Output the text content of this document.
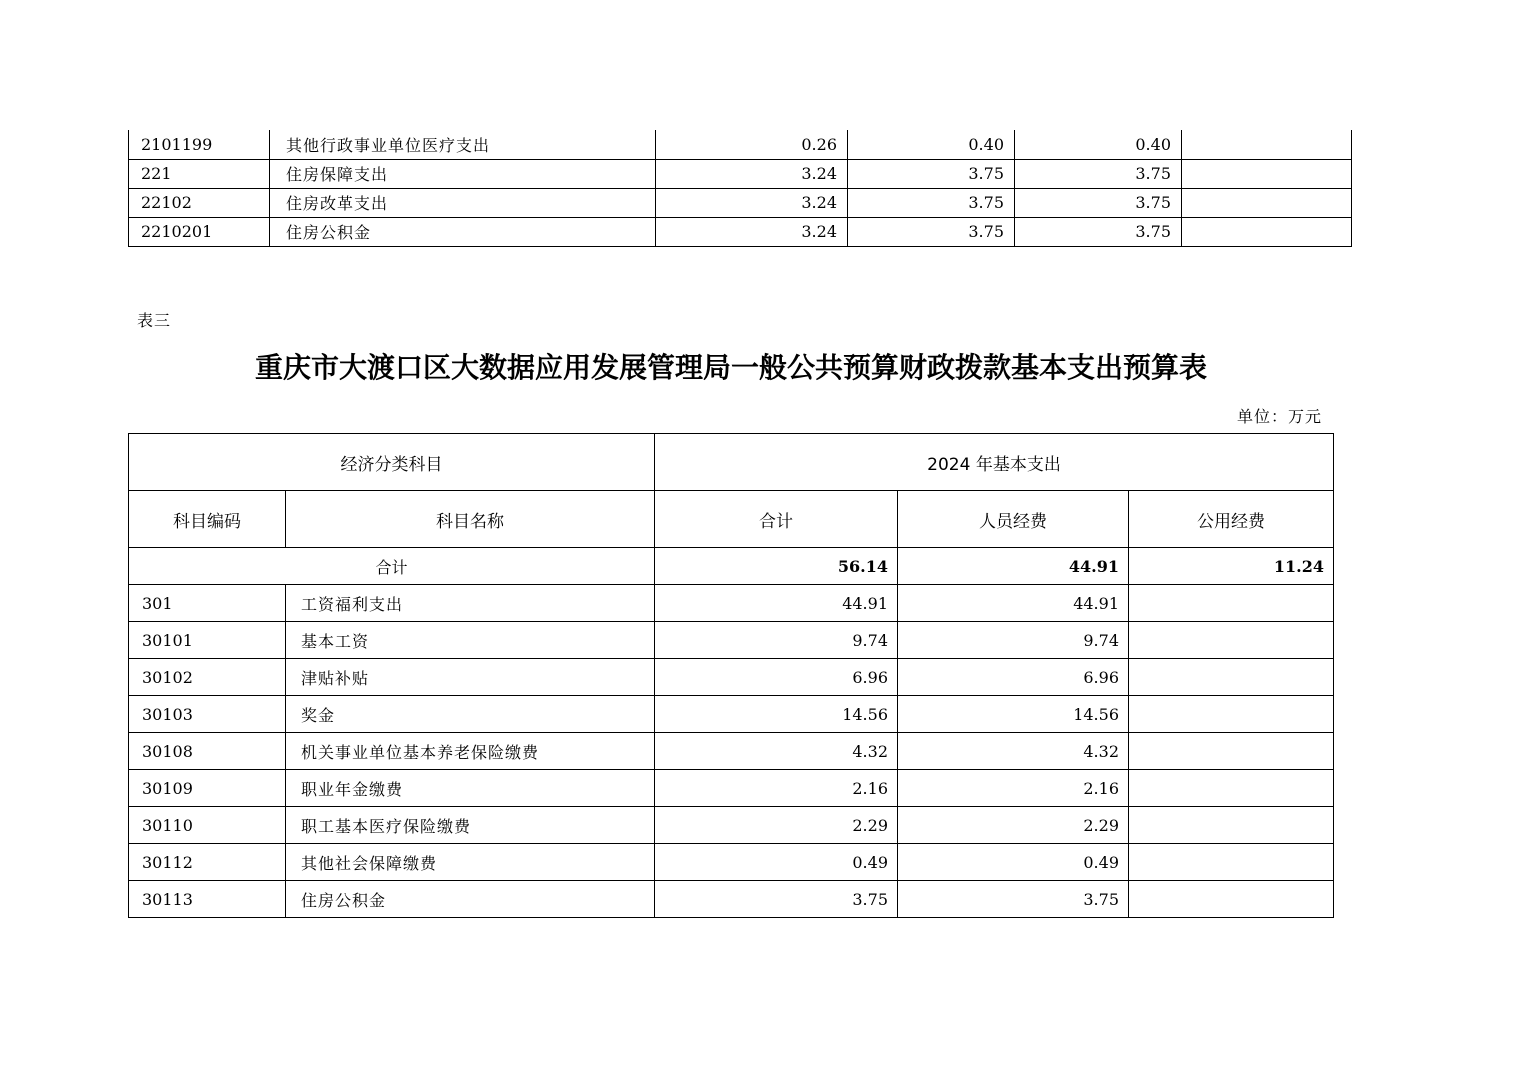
2101199	其他行政事业单位医疗支出	0.26	0.40	0.40	
221	住房保障支出	3.24	3.75	3.75	
22102	住房改革支出	3.24	3.75	3.75	
2210201	住房公积金	3.24	3.75	3.75	
表三
重庆市大渡口区大数据应用发展管理局一般公共预算财政拨款基本支出预算表
单位：万元
经济分类科目		2024 年基本支出		
科目编码	科目名称	合计	人员经费	公用经费
合计		56.14	44.91	11.24
301	工资福利支出	44.91	44.91	
30101	基本工资	9.74	9.74	
30102	津贴补贴	6.96	6.96	
30103	奖金	14.56	14.56	
30108	机关事业单位基本养老保险缴费	4.32	4.32	
30109	职业年金缴费	2.16	2.16	
30110	职工基本医疗保险缴费	2.29	2.29	
30112	其他社会保障缴费	0.49	0.49	
30113	住房公积金	3.75	3.75	
